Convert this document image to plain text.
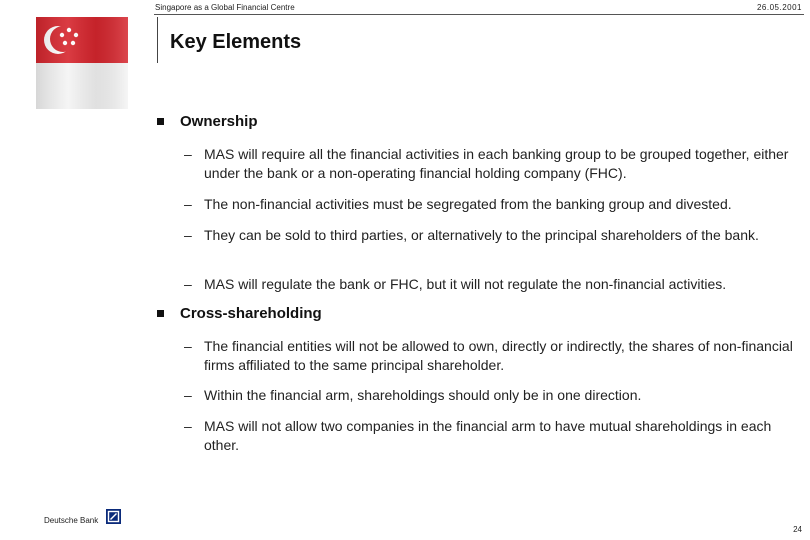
Singapore as a Global Financial Centre	26.05.2001
Key Elements
Ownership
– MAS will require all the financial activities in each banking group to be grouped together, either under the bank or a non-operating financial holding company (FHC).
– The non-financial activities must be segregated from the banking group and divested.
– They can be sold to third parties, or alternatively to the principal shareholders of the bank.
– MAS will regulate the bank or FHC, but it will not regulate the non-financial activities.
Cross-shareholding
– The financial entities will not be allowed to own, directly or indirectly, the shares of non-financial firms affiliated to the same principal shareholder.
– Within the financial arm, shareholdings should only be in one direction.
– MAS will not allow two companies in the financial arm to have mutual shareholdings in each other.
Deutsche Bank
24
